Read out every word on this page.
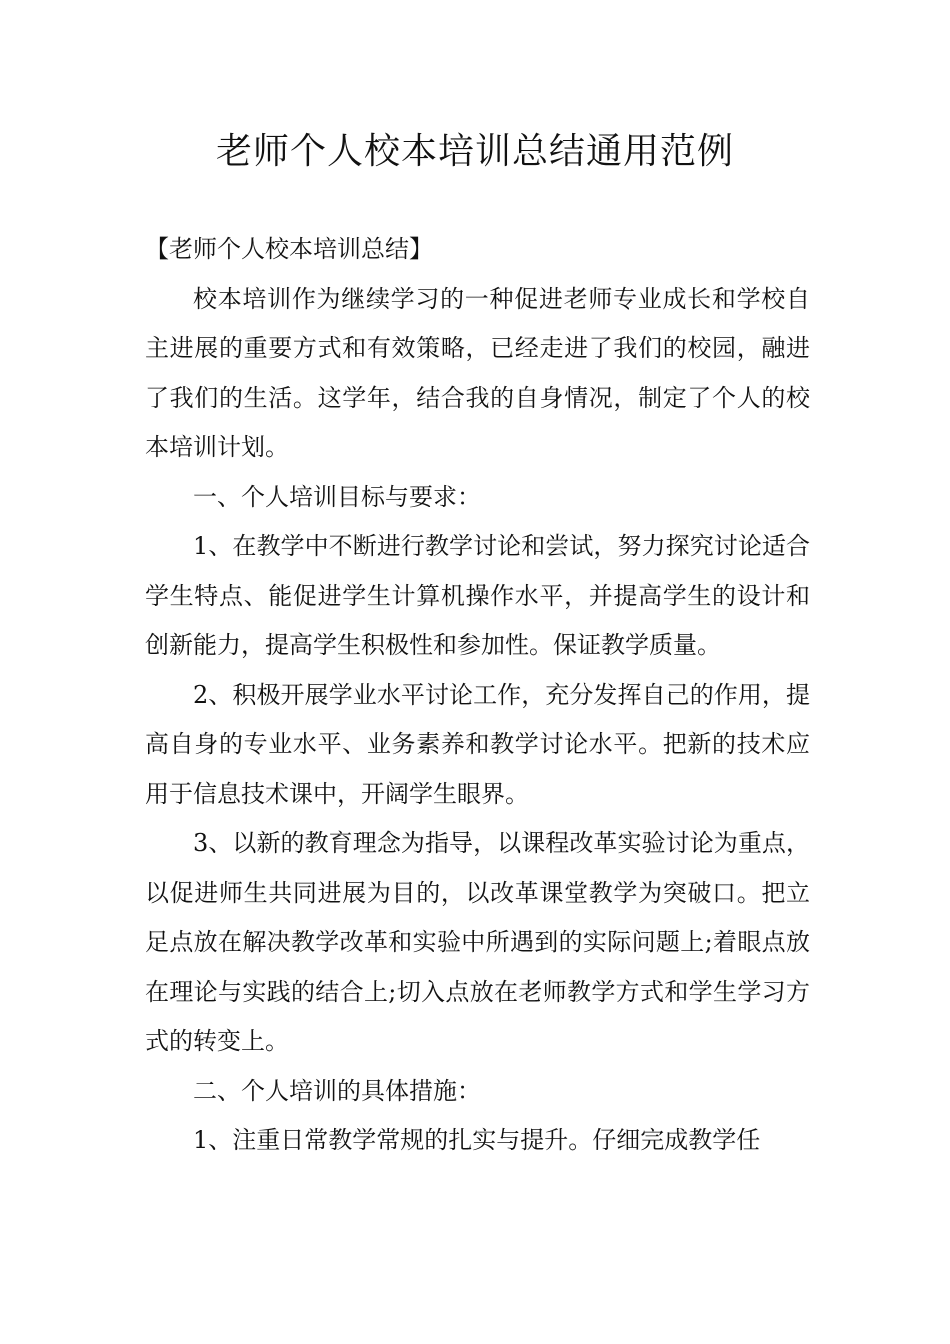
老师个人校本培训总结通用范例

【老师个人校本培训总结】

校本培训作为继续学习的一种促进老师专业成长和学校自主进展的重要方式和有效策略，已经走进了我们的校园，融进了我们的生活。这学年，结合我的自身情况，制定了个人的校本培训计划。

一、个人培训目标与要求：

1、在教学中不断进行教学讨论和尝试，努力探究讨论适合学生特点、能促进学生计算机操作水平，并提高学生的设计和创新能力，提高学生积极性和参加性。保证教学质量。

2、积极开展学业水平讨论工作，充分发挥自己的作用，提高自身的专业水平、业务素养和教学讨论水平。把新的技术应用于信息技术课中，开阔学生眼界。

3、以新的教育理念为指导，以课程改革实验讨论为重点，以促进师生共同进展为目的，以改革课堂教学为突破口。把立足点放在解决教学改革和实验中所遇到的实际问题上;着眼点放在理论与实践的结合上;切入点放在老师教学方式和学生学习方式的转变上。

二、个人培训的具体措施：

1、注重日常教学常规的扎实与提升。仔细完成教学任
